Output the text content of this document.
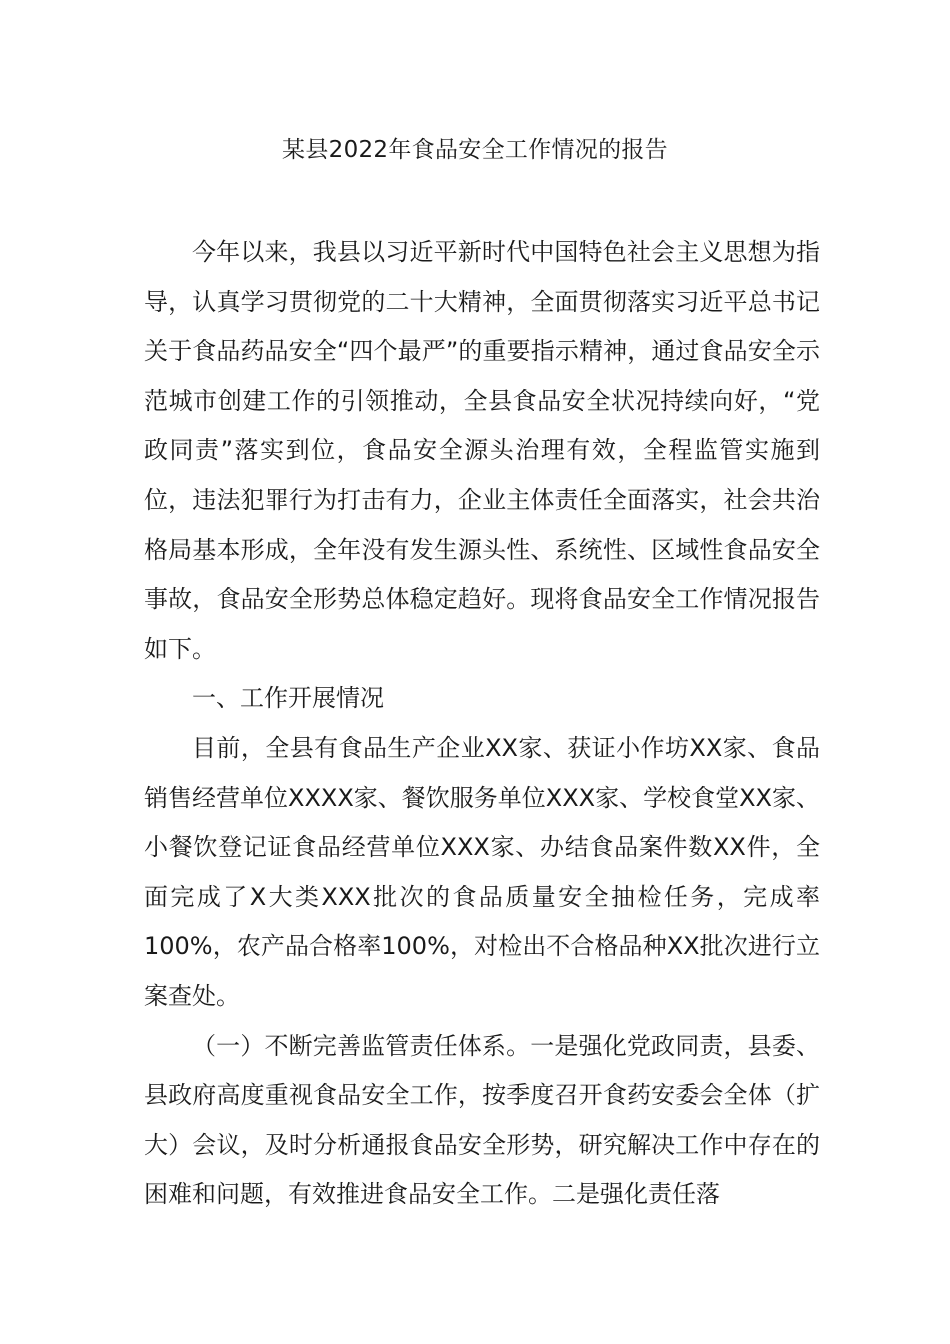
某县2022年食品安全工作情况的报告

今年以来，我县以习近平新时代中国特色社会主义思想为指导，认真学习贯彻党的二十大精神，全面贯彻落实习近平总书记关于食品药品安全“四个最严”的重要指示精神，通过食品安全示范城市创建工作的引领推动，全县食品安全状况持续向好，“党政同责”落实到位，食品安全源头治理有效，全程监管实施到位，违法犯罪行为打击有力，企业主体责任全面落实，社会共治格局基本形成，全年没有发生源头性、系统性、区域性食品安全事故，食品安全形势总体稳定趋好。现将食品安全工作情况报告如下。

一、工作开展情况

目前，全县有食品生产企业XX家、获证小作坊XX家、食品销售经营单位XXXX家、餐饮服务单位XXX家、学校食堂XX家、小餐饮登记证食品经营单位XXX家、办结食品案件数XX件，全面完成了X大类XXX批次的食品质量安全抽检任务，完成率100%，农产品合格率100%，对检出不合格品种XX批次进行立案查处。

（一）不断完善监管责任体系。一是强化党政同责，县委、县政府高度重视食品安全工作，按季度召开食药安委会全体（扩大）会议，及时分析通报食品安全形势，研究解决工作中存在的困难和问题，有效推进食品安全工作。二是强化责任落
